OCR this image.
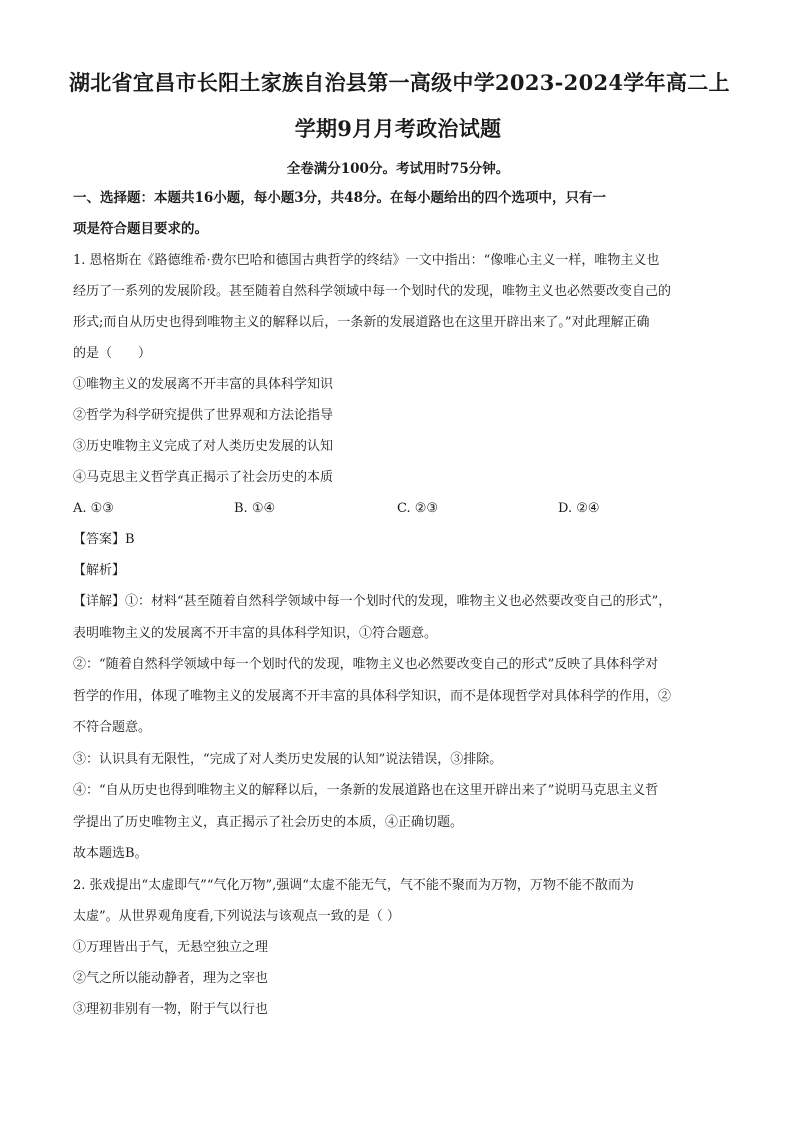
湖北省宜昌市长阳土家族自治县第一高级中学2023-2024学年高二上
学期9月月考政治试题
全卷满分100分。考试用时75分钟。
一、选择题：本题共16小题，每小题3分，共48分。在每小题给出的四个选项中，只有一
项是符合题目要求的。

1. 恩格斯在《路德维希·费尔巴哈和德国古典哲学的终结》一文中指出：“像唯心主义一样，唯物主义也

经历了一系列的发展阶段。甚至随着自然科学领域中每一个划时代的发现，唯物主义也必然要改变自己的

形式;而自从历史也得到唯物主义的解释以后，一条新的发展道路也在这里开辟出来了。”对此理解正确

的是（　　）

①唯物主义的发展离不开丰富的具体科学知识

②哲学为科学研究提供了世界观和方法论指导

③历史唯物主义完成了对人类历史发展的认知

④马克思主义哲学真正揭示了社会历史的本质

A. ①③	B. ①④	C. ②③	D. ②④
【答案】B
【解析】

【详解】①：材料“甚至随着自然科学领域中每一个划时代的发现，唯物主义也必然要改变自己的形式”，

表明唯物主义的发展离不开丰富的具体科学知识，①符合题意。

②：“随着自然科学领域中每一个划时代的发现，唯物主义也必然要改变自己的形式”反映了具体科学对

哲学的作用，体现了唯物主义的发展离不开丰富的具体科学知识，而不是体现哲学对具体科学的作用，②

不符合题意。

③：认识具有无限性，“完成了对人类历史发展的认知”说法错误，③排除。

④：“自从历史也得到唯物主义的解释以后，一条新的发展道路也在这里开辟出来了”说明马克思主义哲

学提出了历史唯物主义，真正揭示了社会历史的本质，④正确切题。

故本题选B。

2. 张戏提出“太虚即气”“气化万物”,强调“太虚不能无气，气不能不聚而为万物，万物不能不散而为

太虚”。从世界观角度看,下列说法与该观点一致的是（ ）

①万理皆出于气，无悬空独立之理

②气之所以能动静者，理为之宰也

③理初非别有一物，附于气以行也
